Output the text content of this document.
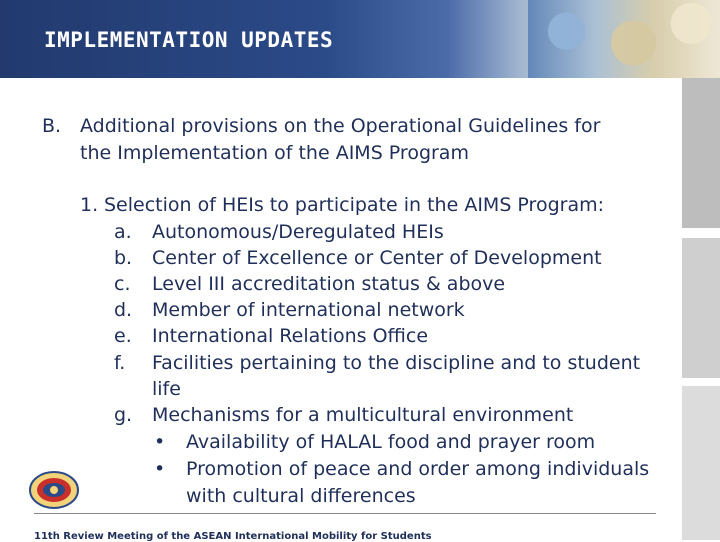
IMPLEMENTATION UPDATES
B. Additional provisions on the Operational Guidelines for
the Implementation of the AIMS Program
1. Selection of HEIs to participate in the AIMS Program:
a. Autonomous/Deregulated HEIs
b. Center of Excellence or Center of Development
c. Level III accreditation status & above
d. Member of international network
e. International Relations Office
f. Facilities pertaining to the discipline and to student
life
g. Mechanisms for a multicultural environment
• Availability of HALAL food and prayer room
• Promotion of peace and order among individuals
with cultural differences
11th Review Meeting of the ASEAN International Mobility for Students
